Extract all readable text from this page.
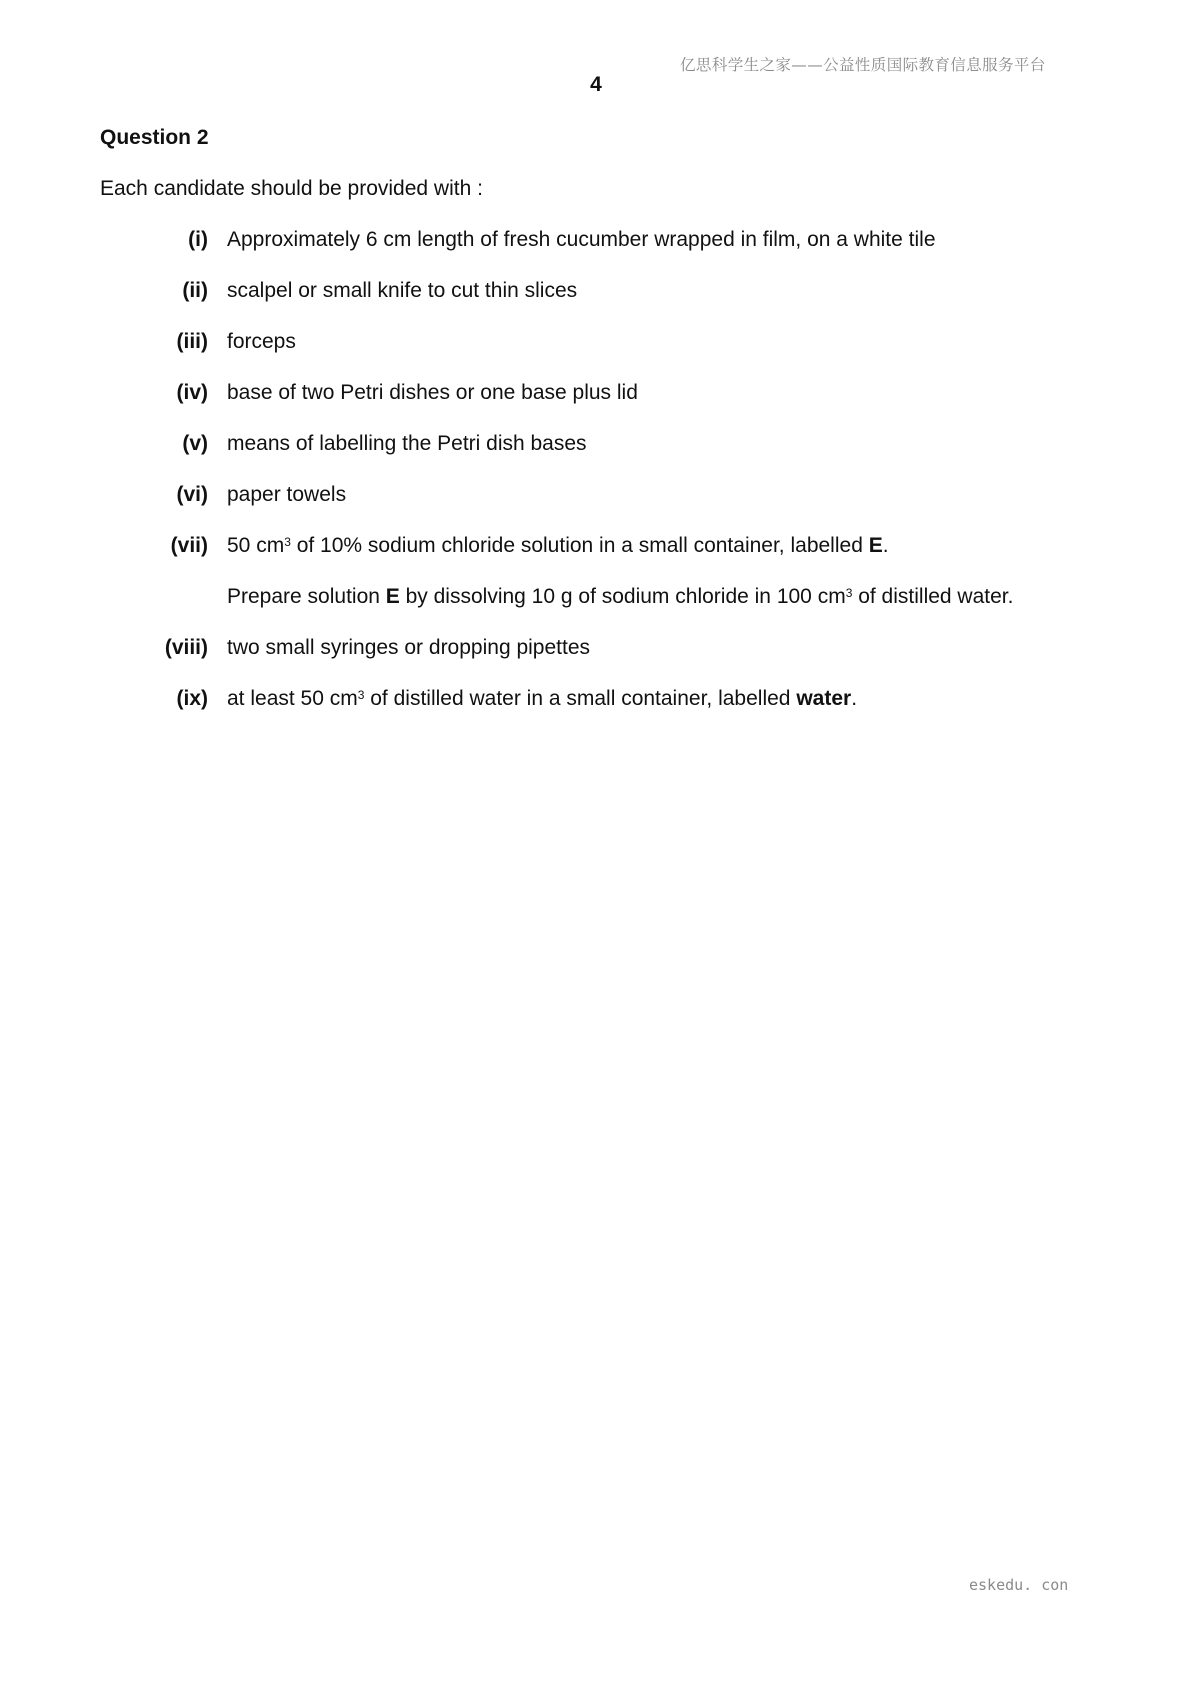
亿思科学生之家——公益性质国际教育信息服务平台
4
Question 2
Each candidate should be provided with :
(i) Approximately 6 cm length of fresh cucumber wrapped in film, on a white tile
(ii) scalpel or small knife to cut thin slices
(iii) forceps
(iv) base of two Petri dishes or one base plus lid
(v) means of labelling the Petri dish bases
(vi) paper towels
(vii) 50 $cm^3$ of 10% sodium chloride solution in a small container, labelled E.
Prepare solution E by dissolving 10 g of sodium chloride in 100 $cm^3$ of distilled water.
(viii) two small syringes or dropping pipettes
(ix) at least 50 $cm^3$ of distilled water in a small container, labelled water.
eskedu. con
